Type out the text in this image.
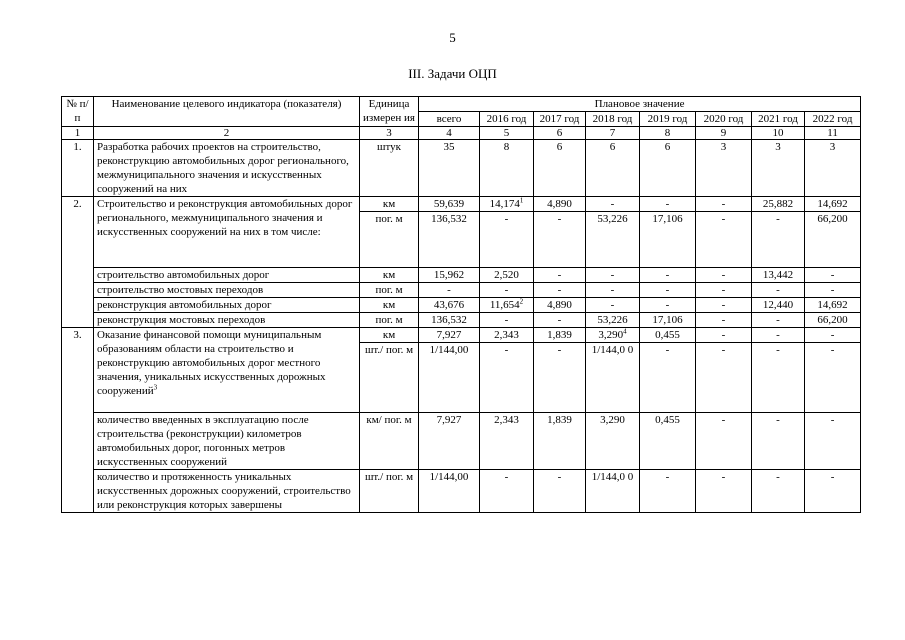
5
III. Задачи ОЦП
№ п/п	Наименование целевого индикатора (показателя)	Единица измерен ия	Плановое значение							
			всего	2016 год	2017 год	2018 год	2019 год	2020 год	2021 год	2022 год
1	2	3	4	5	6	7	8	9	10	11
1.	Разработка рабочих проектов на строительство, реконструкцию автомобильных дорог регионального, межмуниципального значения и искусственных сооружений на них	штук	35	8	6	6	6	3	3	3
2.	Строительство и реконструкция автомобильных дорог регионального, межмуниципального значения и искусственных сооружений на них в том числе:	км	59,639	14,174$^1$	4,890	-	-	-	25,882	14,692
		пог. м	136,532	-	-	53,226	17,106	-	-	66,200
	строительство автомобильных дорог	км	15,962	2,520	-	-	-	-	13,442	-
	строительство мостовых переходов	пог. м	-	-	-	-	-	-	-	-
	реконструкция автомобильных дорог	км	43,676	11,654$^2$	4,890	-	-	-	12,440	14,692
	реконструкция мостовых переходов	пог. м	136,532	-	-	53,226	17,106	-	-	66,200
3.	Оказание финансовой помощи муниципальным образованиям области на строительство и реконструкцию автомобильных дорог местного значения, уникальных искусственных дорожных сооружений$^3$	км	7,927	2,343	1,839	3,290$^4$	0,455	-	-	-
		шт./ пог. м	1/144,00	-	-	1/144,0 0	-	-	-	-
	количество введенных в эксплуатацию после строительства (реконструкции) километров автомобильных дорог, погонных метров искусственных сооружений	км/ пог. м	7,927	2,343	1,839	3,290	0,455	-	-	-
	количество и протяженность уникальных искусственных дорожных сооружений, строительство или реконструкция которых завершены	шт./ пог. м	1/144,00	-	-	1/144,0 0	-	-	-	-
